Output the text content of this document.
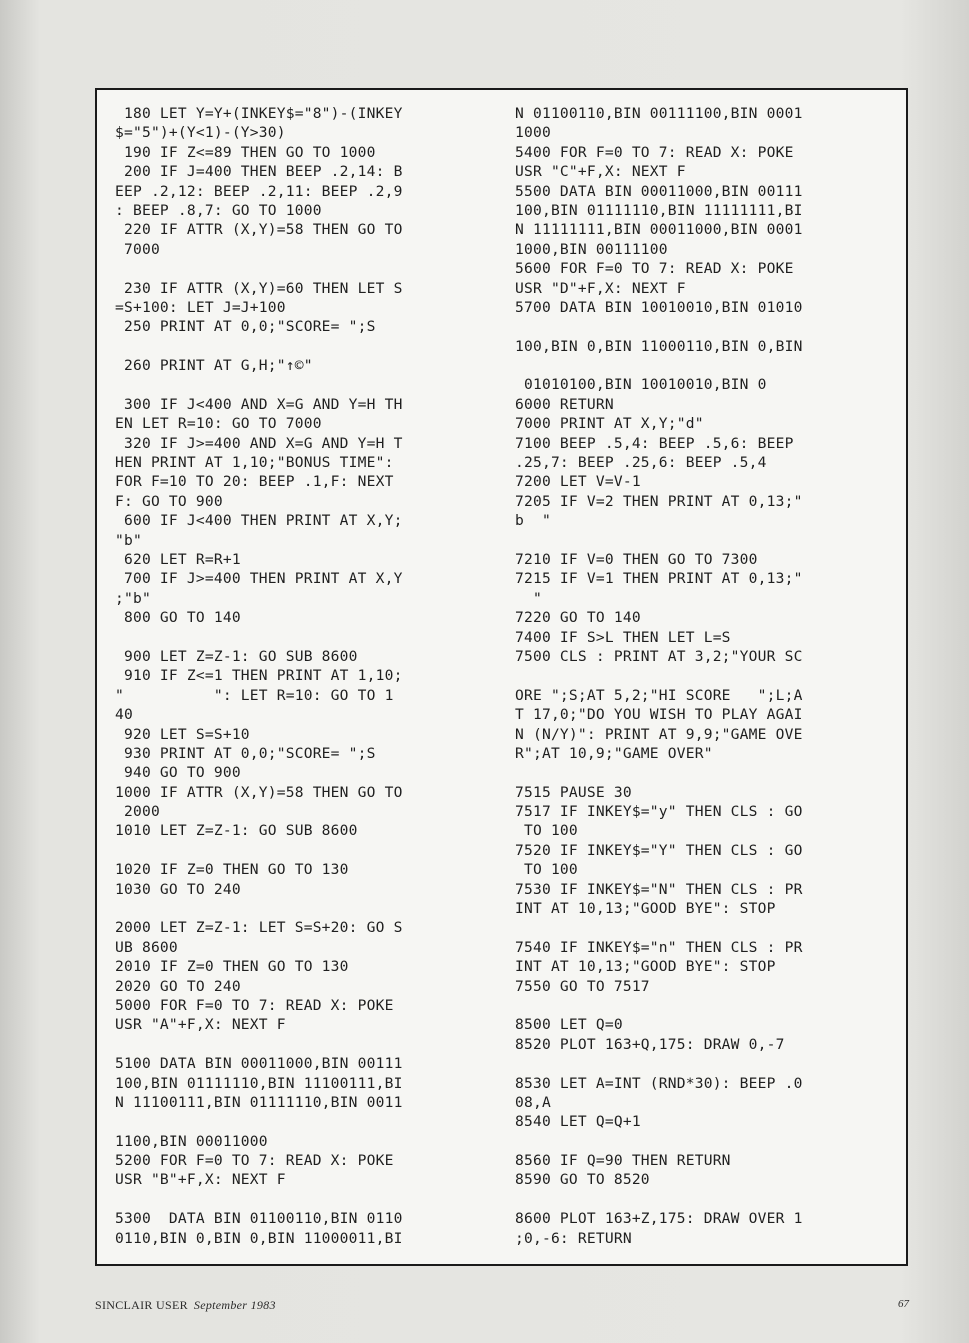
180 LET Y=Y+(INKEY$="8")-(INKEY
$="5")+(Y<1)-(Y>30)
190 IF Z<=89 THEN GO TO 1000
200 IF J=400 THEN BEEP .2,14: B
EEP .2,12: BEEP .2,11: BEEP .2,9
: BEEP .8,7: GO TO 1000
220 IF ATTR (X,Y)=58 THEN GO TO
7000
230 IF ATTR (X,Y)=60 THEN LET S
=S+100: LET J=J+100
250 PRINT AT 0,0;"SCORE= ";S
260 PRINT AT G,H;"↑©"
300 IF J<400 AND X=G AND Y=H TH
EN LET R=10: GO TO 7000
320 IF J>=400 AND X=G AND Y=H T
HEN PRINT AT 1,10;"BONUS TIME":
FOR F=10 TO 20: BEEP .1,F: NEXT
F: GO TO 900
600 IF J<400 THEN PRINT AT X,Y;
"b"
620 LET R=R+1
700 IF J>=400 THEN PRINT AT X,Y
;"b"
800 GO TO 140
900 LET Z=Z-1: GO SUB 8600
910 IF Z<=1 THEN PRINT AT 1,10;
"          ": LET R=10: GO TO 1
40
920 LET S=S+10
930 PRINT AT 0,0;"SCORE= ";S
940 GO TO 900
1000 IF ATTR (X,Y)=58 THEN GO TO
2000
1010 LET Z=Z-1: GO SUB 8600
1020 IF Z=0 THEN GO TO 130
1030 GO TO 240
2000 LET Z=Z-1: LET S=S+20: GO S
UB 8600
2010 IF Z=0 THEN GO TO 130
2020 GO TO 240
5000 FOR F=0 TO 7: READ X: POKE
USR "A"+F,X: NEXT F
5100 DATA BIN 00011000,BIN 00111
100,BIN 01111110,BIN 11100111,BI
N 11100111,BIN 01111110,BIN 0011
1100,BIN 00011000
5200 FOR F=0 TO 7: READ X: POKE
USR "B"+F,X: NEXT F
5300  DATA BIN 01100110,BIN 0110
0110,BIN 0,BIN 0,BIN 11000011,BI
N 01100110,BIN 00111100,BIN 0001
1000
5400 FOR F=0 TO 7: READ X: POKE
USR "C"+F,X: NEXT F
5500 DATA BIN 00011000,BIN 00111
100,BIN 01111110,BIN 11111111,BI
N 11111111,BIN 00011000,BIN 0001
1000,BIN 00111100
5600 FOR F=0 TO 7: READ X: POKE
USR "D"+F,X: NEXT F
5700 DATA BIN 10010010,BIN 01010
100,BIN 0,BIN 11000110,BIN 0,BIN
01010100,BIN 10010010,BIN 0
6000 RETURN
7000 PRINT AT X,Y;"d"
7100 BEEP .5,4: BEEP .5,6: BEEP
.25,7: BEEP .25,6: BEEP .5,4
7200 LET V=V-1
7205 IF V=2 THEN PRINT AT 0,13;"
b  "
7210 IF V=0 THEN GO TO 7300
7215 IF V=1 THEN PRINT AT 0,13;"
"
7220 GO TO 140
7400 IF S>L THEN LET L=S
7500 CLS : PRINT AT 3,2;"YOUR SC
ORE ";S;AT 5,2;"HI SCORE   ";L;A
T 17,0;"DO YOU WISH TO PLAY AGAI
N (N/Y)": PRINT AT 9,9;"GAME OVE
R";AT 10,9;"GAME OVER"
7515 PAUSE 30
7517 IF INKEY$="y" THEN CLS : GO
TO 100
7520 IF INKEY$="Y" THEN CLS : GO
TO 100
7530 IF INKEY$="N" THEN CLS : PR
INT AT 10,13;"GOOD BYE": STOP
7540 IF INKEY$="n" THEN CLS : PR
INT AT 10,13;"GOOD BYE": STOP
7550 GO TO 7517
8500 LET Q=0
8520 PLOT 163+Q,175: DRAW 0,-7
8530 LET A=INT (RND*30): BEEP .0
08,A
8540 LET Q=Q+1
8560 IF Q=90 THEN RETURN
8590 GO TO 8520
8600 PLOT 163+Z,175: DRAW OVER 1
;0,-6: RETURN
SINCLAIR USER September 1983	67
